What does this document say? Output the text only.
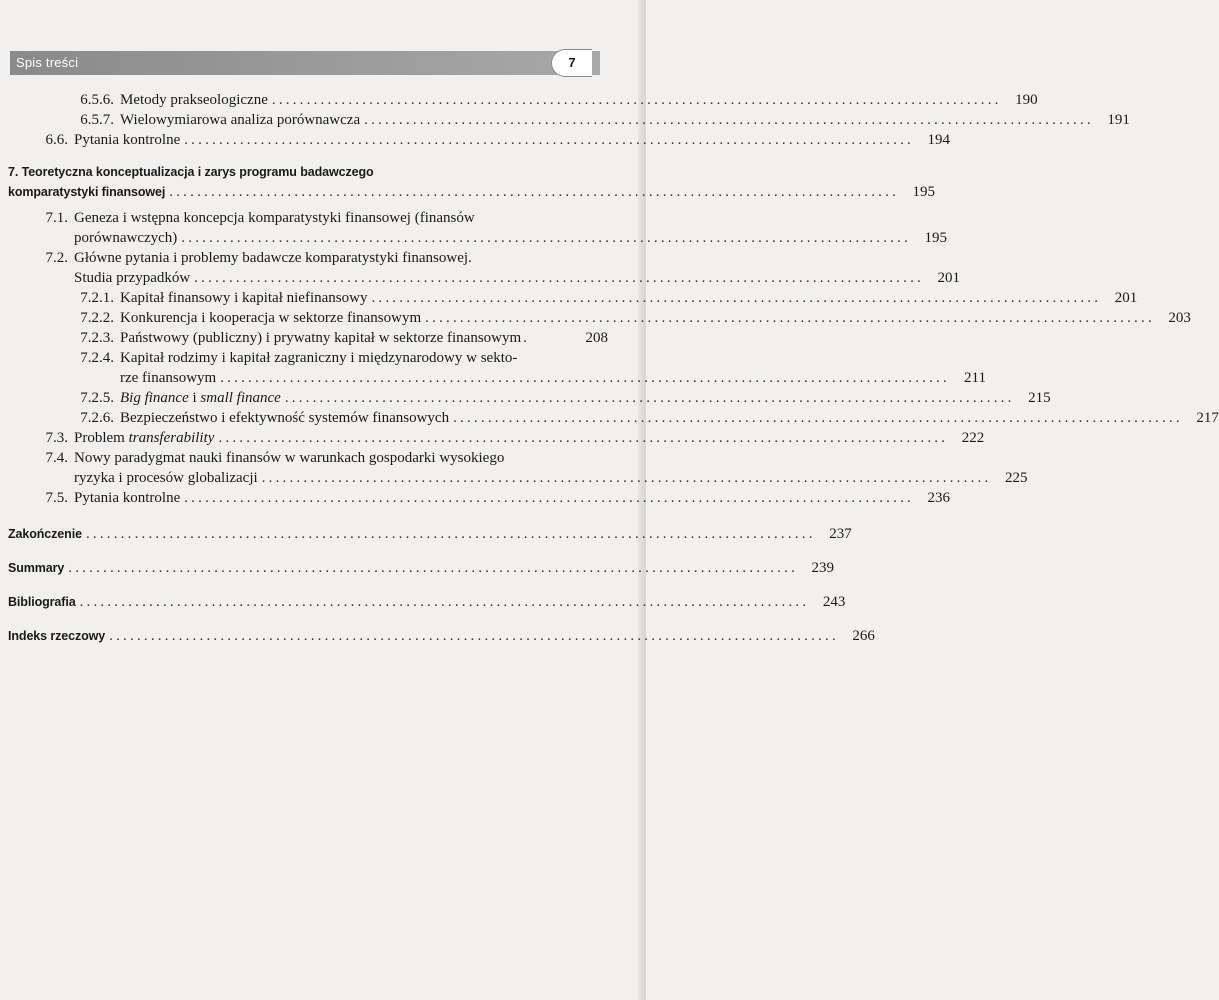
Spis treści	7
6.5.6. Metody prakseologiczne ......................................................................................................... 190
6.5.7. Wielowymiarowa analiza porównawcza ......................................................................................................... 191
6.6. Pytania kontrolne ......................................................................................................... 194
7. Teoretyczna konceptualizacja i zarys programu badawczego
komparatystyki finansowej ......................................................................................................... 195
7.1. Geneza i wstępna koncepcja komparatystyki finansowej (finansów
porównawczych) ......................................................................................................... 195
7.2. Główne pytania i problemy badawcze komparatystyki finansowej.
Studia przypadków ......................................................................................................... 201
7.2.1. Kapitał finansowy i kapitał niefinansowy ......................................................................................................... 201
7.2.2. Konkurencja i kooperacja w sektorze finansowym ......................................................................................................... 203
7.2.3. Państwowy (publiczny) i prywatny kapitał w sektorze finansowym .	208
7.2.4. Kapitał rodzimy i kapitał zagraniczny i międzynarodowy w sekto-
rze finansowym ......................................................................................................... 211
7.2.5. Big finance i small finance ......................................................................................................... 215
7.2.6. Bezpieczeństwo i efektywność systemów finansowych ......................................................................................................... 217
7.3. Problem transferability ......................................................................................................... 222
7.4. Nowy paradygmat nauki finansów w warunkach gospodarki wysokiego
ryzyka i procesów globalizacji ......................................................................................................... 225
7.5. Pytania kontrolne ......................................................................................................... 236
Zakończenie ......................................................................................................... 237
Summary ......................................................................................................... 239
Bibliografia ......................................................................................................... 243
Indeks rzeczowy ......................................................................................................... 266
